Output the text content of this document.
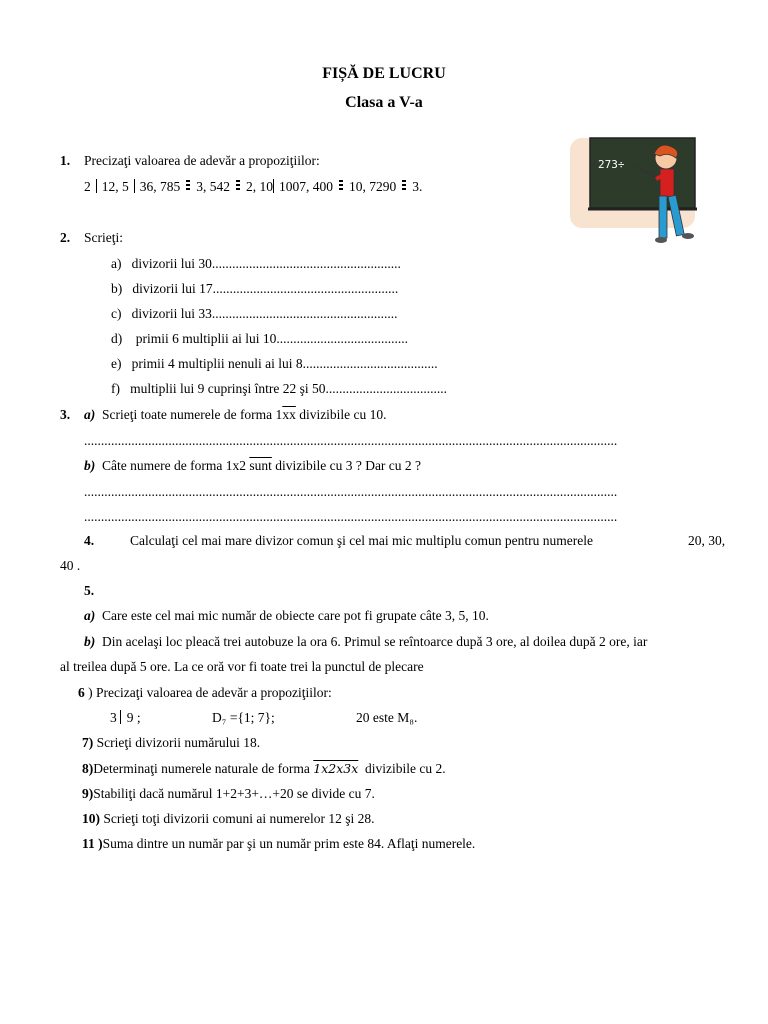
FIȘĂ DE LUCRU
Clasa a V-a
273÷
1. Precizaţi valoarea de adevăr a propoziţiilor:
2 12, 5 36, 785 3, 542 2, 10 1007, 400 10, 7290 3.
2. Scrieţi:
a) divizorii lui 30........................................................
b) divizorii lui 17.......................................................
c) divizorii lui 33.......................................................
d) primii 6 multiplii ai lui 10.......................................
e) primii 4 multiplii nenuli ai lui 8........................................
f) multiplii lui 9 cuprinşi între 22 şi 50....................................
3. a) Scrieţi toate numerele de forma $1\overline{xx}$ divizibile cu 10.
..............................................................................................................................................................
b) Câte numere de forma 1x2 sunt divizibile cu 3 ? Dar cu 2 ?
..............................................................................................................................................................
..............................................................................................................................................................
4.	Calculaţi cel mai mare divizor comun şi cel mai mic multiplu comun pentru numerele	20, 30,
40 .
5.
a) Care este cel mai mic număr de obiecte care pot fi grupate câte 3, 5, 10.
b) Din acelaşi loc pleacă trei autobuze la ora 6. Primul se reîntoarce după 3 ore, al doilea după 2 ore, iar
al treilea după 5 ore. La ce oră vor fi toate trei la punctul de plecare
6 ) Precizaţi valoarea de adevăr a propoziţiilor:
3 9 ;	D₇ ={1; 7};	20 este M₈.
7) Scrieţi divizorii numărului 18.
8)Determinaţi numerele naturale de forma 1x2x3x divizibile cu 2.
9)Stabiliţi dacă numărul 1+2+3+…+20 se divide cu 7.
10) Scrieţi toţi divizorii comuni ai numerelor 12 şi 28.
11 )Suma dintre un număr par şi un număr prim este 84. Aflaţi numerele.
